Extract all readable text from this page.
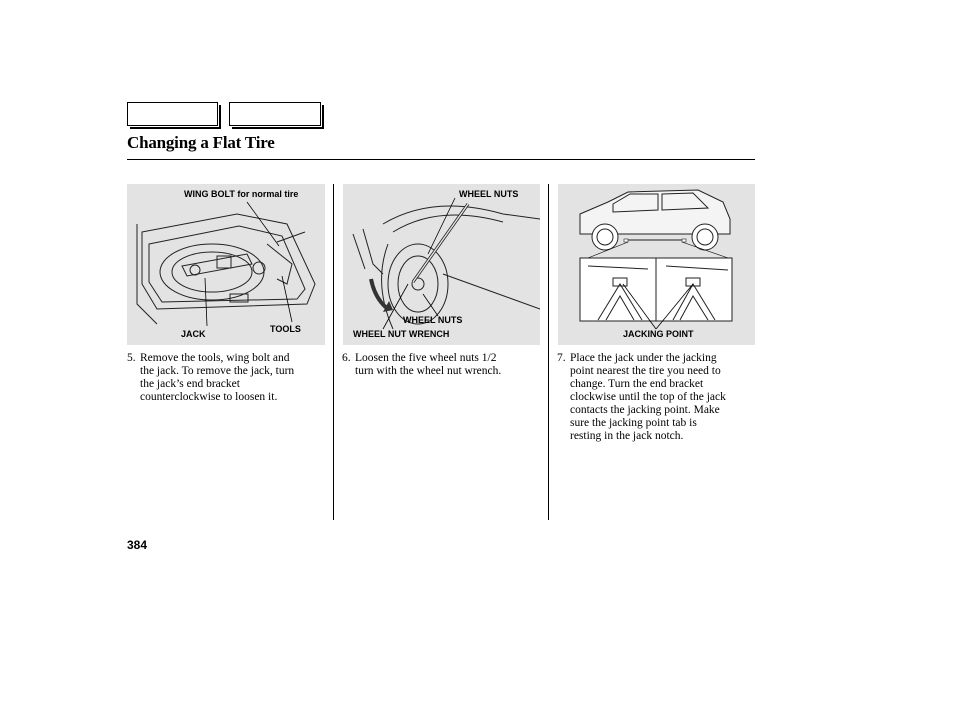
Changing a Flat Tire
WING BOLT for normal tire
JACK	TOOLS
WHEEL NUTS
WHEEL NUTS
WHEEL NUT WRENCH	JACKING POINT
5. Remove the tools, wing bolt and
the jack. To remove the jack, turn
the jack’s end bracket
counterclockwise to loosen it.
6. Loosen the five wheel nuts 1/2
turn with the wheel nut wrench.
7. Place the jack under the jacking
point nearest the tire you need to
change. Turn the end bracket
clockwise until the top of the jack
contacts the jacking point. Make
sure the jacking point tab is
resting in the jack notch.
384
